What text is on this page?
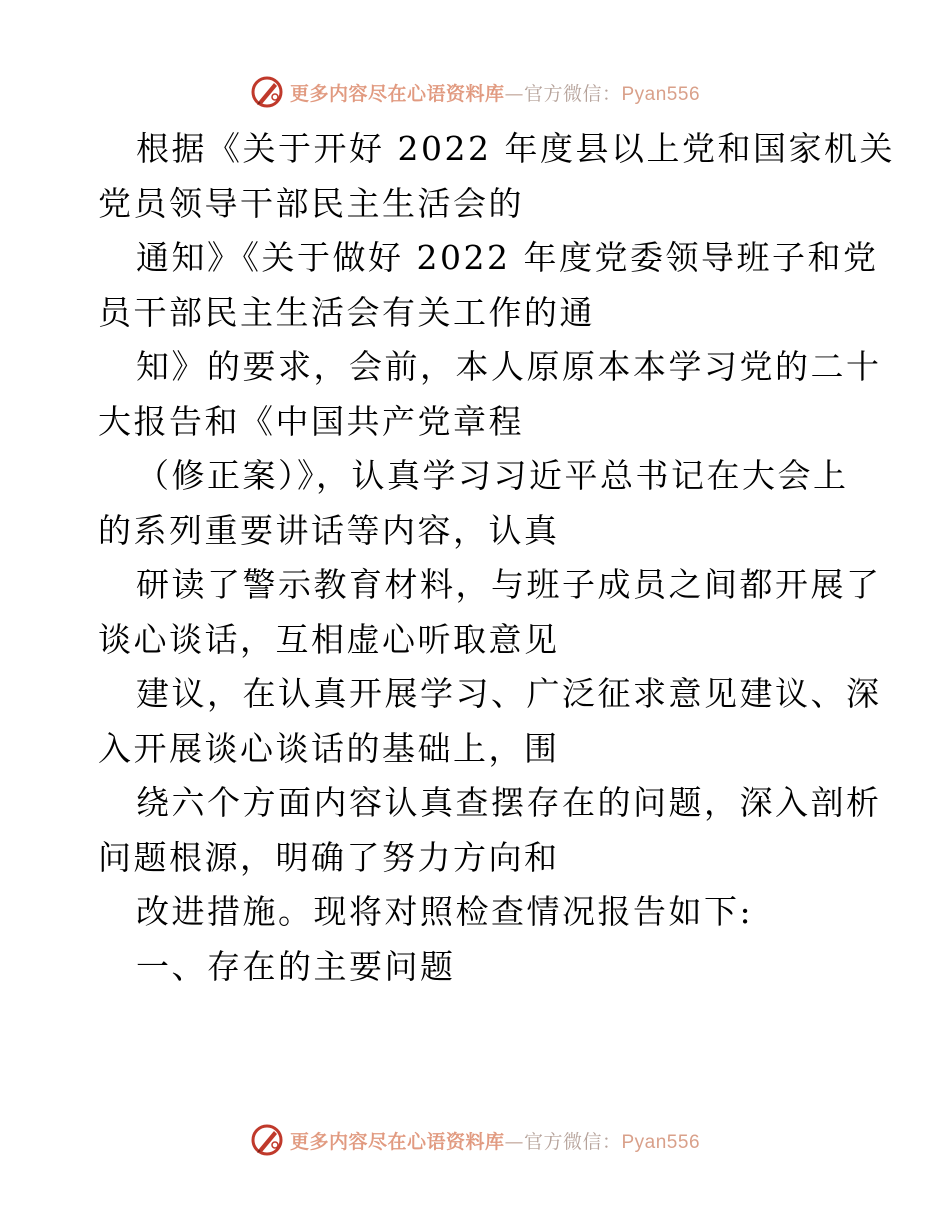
更多内容尽在心语资料库—官方微信：Pyan556
根据《关于开好 2022 年度县以上党和国家机关
党员领导干部民主生活会的
通知》《关于做好 2022 年度党委领导班子和党
员干部民主生活会有关工作的通
知》的要求，会前，本人原原本本学习党的二十
大报告和《中国共产党章程
（修正案）》，认真学习习近平总书记在大会上
的系列重要讲话等内容，认真
研读了警示教育材料，与班子成员之间都开展了
谈心谈话，互相虚心听取意见
建议，在认真开展学习、广泛征求意见建议、深
入开展谈心谈话的基础上，围
绕六个方面内容认真查摆存在的问题，深入剖析
问题根源，明确了努力方向和
改进措施。现将对照检查情况报告如下:
一、存在的主要问题
更多内容尽在心语资料库—官方微信：Pyan556
